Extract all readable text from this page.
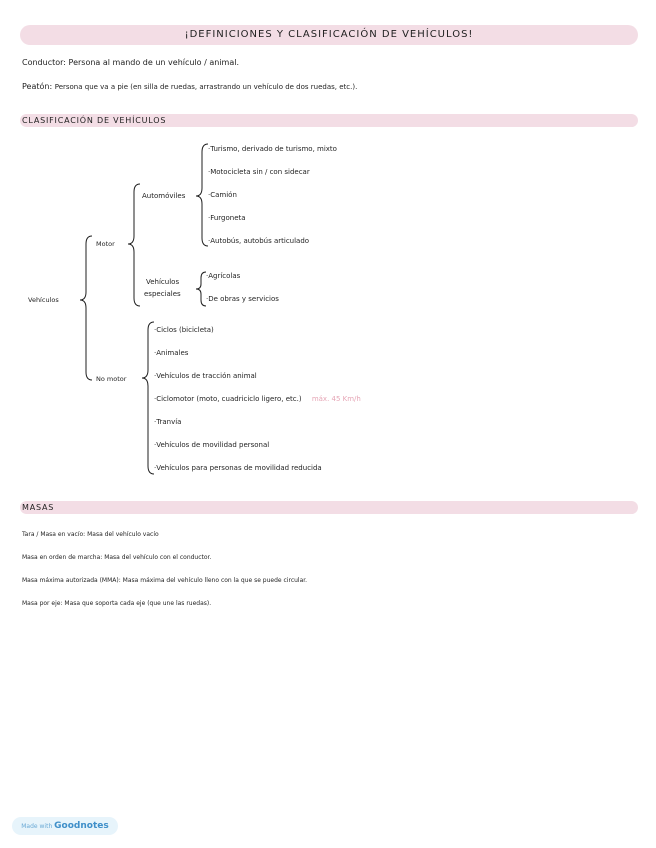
¡DEFINICIONES Y CLASIFICACIÓN DE VEHÍCULOS!
Conductor: Persona al mando de un vehículo / animal.
Peatón: Persona que va a pie (en silla de ruedas, arrastrando un vehículo de dos ruedas, etc.).
CLASIFICACIÓN DE VEHÍCULOS
Vehículos
Motor
No motor
Automóviles
Vehículos
especiales
·Turismo, derivado de turismo, mixto
·Motocicleta sin / con sidecar
·Camión
·Furgoneta
·Autobús, autobús articulado
·Agrícolas
·De obras y servicios
·Ciclos (bicicleta)
·Animales
·Vehículos de tracción animal
·Ciclomotor (moto, cuadriciclo ligero, etc.) máx. 45 Km/h
·Tranvía
·Vehículos de movilidad personal
·Vehículos para personas de movilidad reducida
MASAS
Tara / Masa en vacío: Masa del vehículo vacío
Masa en orden de marcha: Masa del vehículo con el conductor.
Masa máxima autorizada (MMA): Masa máxima del vehículo lleno con la que se puede circular.
Masa por eje: Masa que soporta cada eje (que une las ruedas).
Made with Goodnotes
